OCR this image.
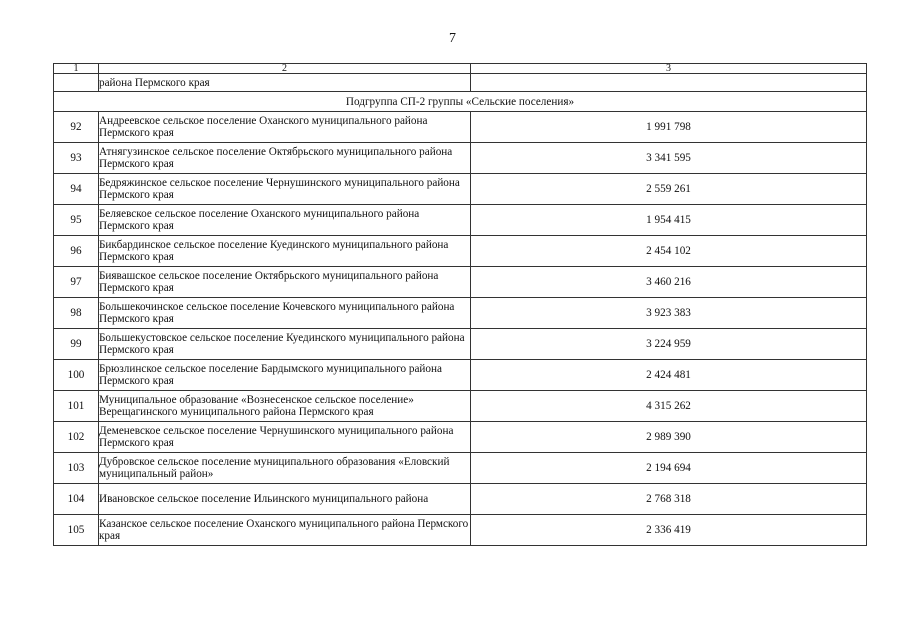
7
1	2	3
	района Пермского края	
Подгруппа СП-2 группы «Сельские поселения»		
92	Андреевское сельское поселение Оханского муниципального района Пермского края	1 991 798
93	Атнягузинское сельское поселение Октябрьского муниципального района Пермского края	3 341 595
94	Бедряжинское сельское поселение Чернушинского муниципального района Пермского края	2 559 261
95	Беляевское сельское поселение Оханского муниципального района Пермского края	1 954 415
96	Бикбардинское сельское поселение Куединского муниципального района Пермского края	2 454 102
97	Биявашское сельское поселение Октябрьского муниципального района Пермского края	3 460 216
98	Большекочинское сельское поселение Кочевского муниципального района Пермского края	3 923 383
99	Большекустовское сельское поселение Куединского муниципального района Пермского края	3 224 959
100	Брюзлинское сельское поселение Бардымского муниципального района Пермского края	2 424 481
101	Муниципальное образование «Вознесенское сельское поселение» Верещагинского муниципального района Пермского края	4 315 262
102	Деменевское сельское поселение Чернушинского муниципального района Пермского края	2 989 390
103	Дубровское сельское поселение муниципального образования «Еловский муниципальный район»	2 194 694
104	Ивановское сельское поселение Ильинского муниципального района	2 768 318
105	Казанское сельское поселение Оханского муниципального района Пермского края	2 336 419
